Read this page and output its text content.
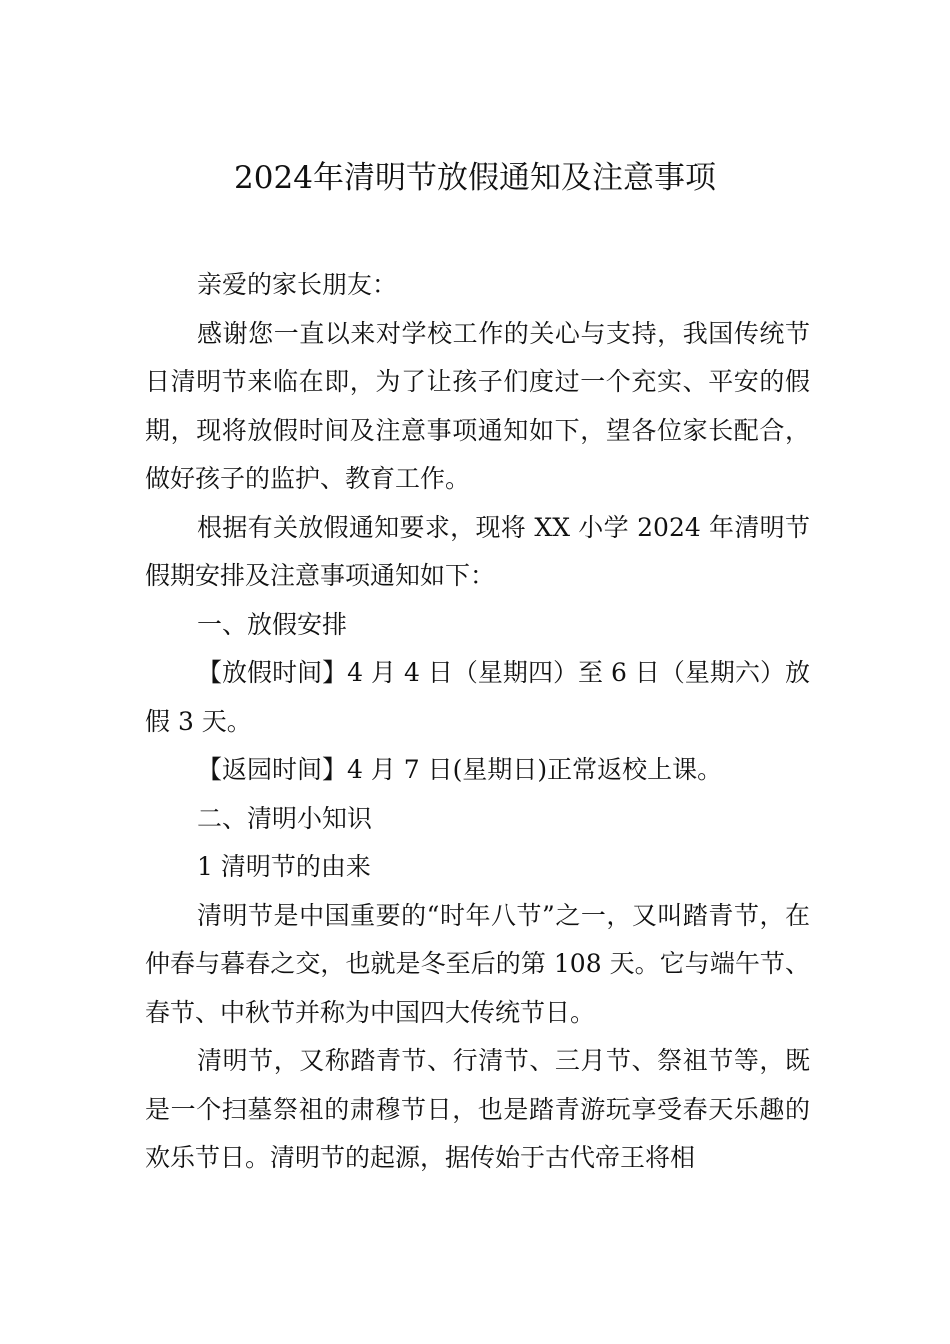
2024年清明节放假通知及注意事项

亲爱的家长朋友：

感谢您一直以来对学校工作的关心与支持，我国传统节日清明节来临在即，为了让孩子们度过一个充实、平安的假期，现将放假时间及注意事项通知如下，望各位家长配合，做好孩子的监护、教育工作。

根据有关放假通知要求，现将 XX 小学 2024 年清明节假期安排及注意事项通知如下：

一、放假安排

【放假时间】4 月 4 日（星期四）至 6 日（星期六）放假 3 天。

【返园时间】4 月 7 日(星期日)正常返校上课。

二、清明小知识

1 清明节的由来

清明节是中国重要的“时年八节”之一，又叫踏青节，在仲春与暮春之交，也就是冬至后的第 108 天。它与端午节、春节、中秋节并称为中国四大传统节日。

清明节，又称踏青节、行清节、三月节、祭祖节等，既是一个扫墓祭祖的肃穆节日，也是踏青游玩享受春天乐趣的欢乐节日。清明节的起源，据传始于古代帝王将相
